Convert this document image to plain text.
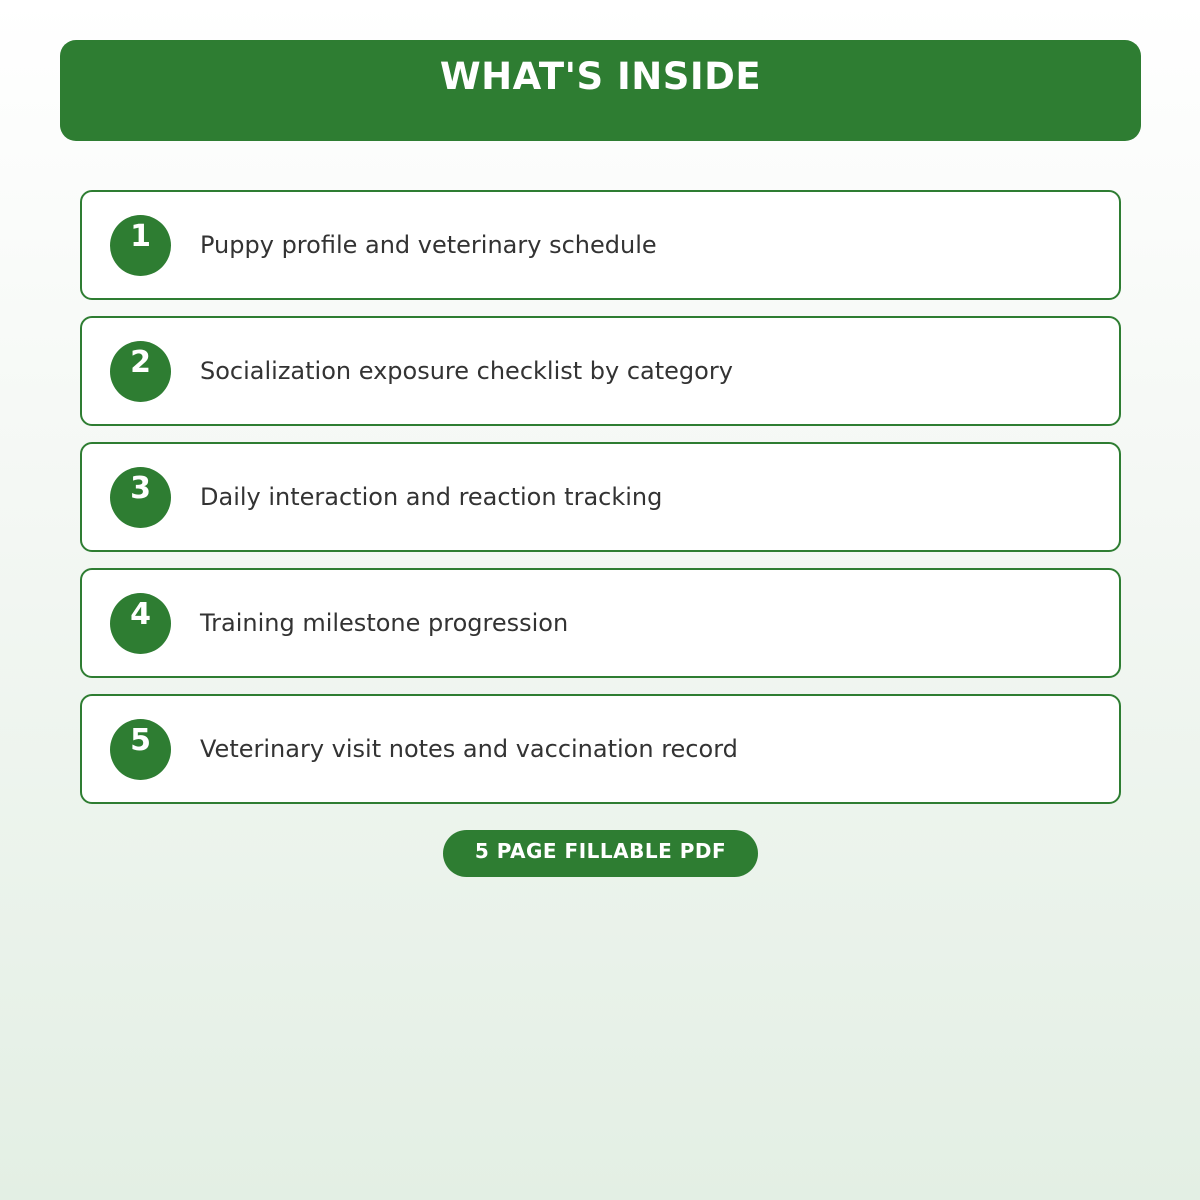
WHAT'S INSIDE
1	Puppy profile and veterinary schedule
2	Socialization exposure checklist by category
3	Daily interaction and reaction tracking
4	Training milestone progression
5	Veterinary visit notes and vaccination record
5 PAGE FILLABLE PDF
